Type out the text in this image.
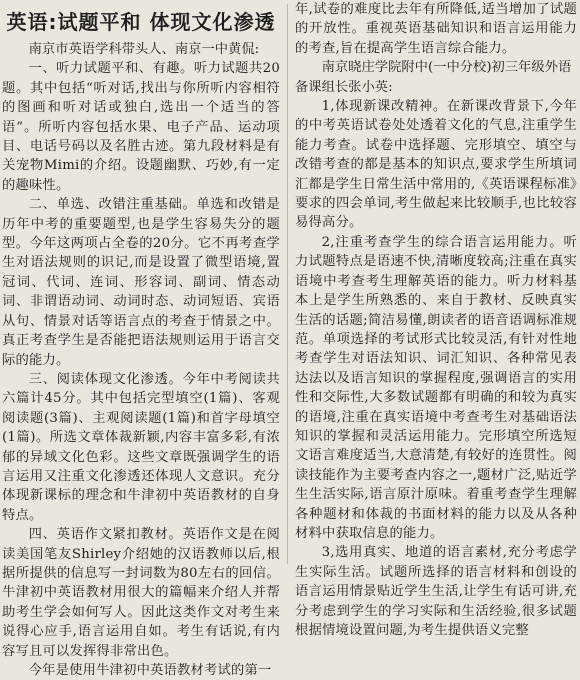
英语:试题平和 体现文化渗透

南京市英语学科带头人、南京一中黄侃:

一、听力试题平和、有趣。听力试题共20题。其中包括“听对话,找出与你所听内容相符的图画和听对话或独白,选出一个适当的答语”。所听内容包括水果、电子产品、运动项目、电话号码以及名胜古迹。第九段材料是有关宠物Mimi的介绍。设题幽默、巧妙,有一定的趣味性。

二、单选、改错注重基础。单选和改错是历年中考的重要题型,也是学生容易失分的题型。今年这两项占全卷的20分。它不再考查学生对语法规则的识记,而是设置了微型语境,置冠词、代词、连词、形容词、副词、情态动词、非谓语动词、动词时态、动词短语、宾语从句、情景对话等语言点的考查于情景之中。真正考查学生是否能把语法规则运用于语言交际的能力。

三、阅读体现文化渗透。今年中考阅读共六篇计45分。其中包括完型填空(1篇)、客观阅读题(3篇)、主观阅读题(1篇)和首字母填空(1篇)。所选文章体裁新颖,内容丰富多彩,有浓郁的异域文化色彩。这些文章既强调学生的语言运用又注重文化渗透还体现人文意识。充分体现新课标的理念和牛津初中英语教材的自身特点。

四、英语作文紧扣教材。英语作文是在阅读美国笔友Shirley介绍她的汉语教师以后,根据所提供的信息写一封词数为80左右的回信。牛津初中英语教材用很大的篇幅来介绍人并帮助考生学会如何写人。因此这类作文对考生来说得心应手,语言运用自如。考生有话说,有内容写且可以发挥得非常出色。

今年是使用牛津初中英语教材考试的第一

年,试卷的难度比去年有所降低,适当增加了试题的开放性。重视英语基础知识和语言运用能力的考查,旨在提高学生语言综合能力。

南京晓庄学院附中(一中分校)初三年级外语备课组长张小英:

1,体现新课改精神。在新课改背景下,今年的中考英语试卷处处透着文化的气息,注重学生能力考查。试卷中选择题、完形填空、填空与改错考查的都是基本的知识点,要求学生所填词汇都是学生日常生活中常用的,《英语课程标准》要求的四会单词,考生做起来比较顺手,也比较容易得高分。

2,注重考查学生的综合语言运用能力。听力试题特点是语速不快,清晰度较高;注重在真实语境中考查考生理解英语的能力。听力材料基本上是学生所熟悉的、来自于教材、反映真实生活的话题;简洁易懂,朗读者的语音语调标准规范。单项选择的考试形式比较灵活,有针对性地考查学生对语法知识、词汇知识、各种常见表达法以及语言知识的掌握程度,强调语言的实用性和交际性,大多数试题都有明确的和较为真实的语境,注重在真实语境中考查考生对基础语法知识的掌握和灵活运用能力。完形填空所选短文语言难度适当,大意清楚,有较好的连贯性。阅读技能作为主要考查内容之一,题材广泛,贴近学生生活实际,语言原汁原味。着重考查学生理解各种题材和体裁的书面材料的能力以及从各种材料中获取信息的能力。

3,选用真实、地道的语言素材,充分考虑学生实际生活。试题所选择的语言材料和创设的语言运用情景贴近学生生活,让学生有话可讲,充分考虑到学生的学习实际和生活经验,很多试题根据情境设置问题,为考生提供语义完整
